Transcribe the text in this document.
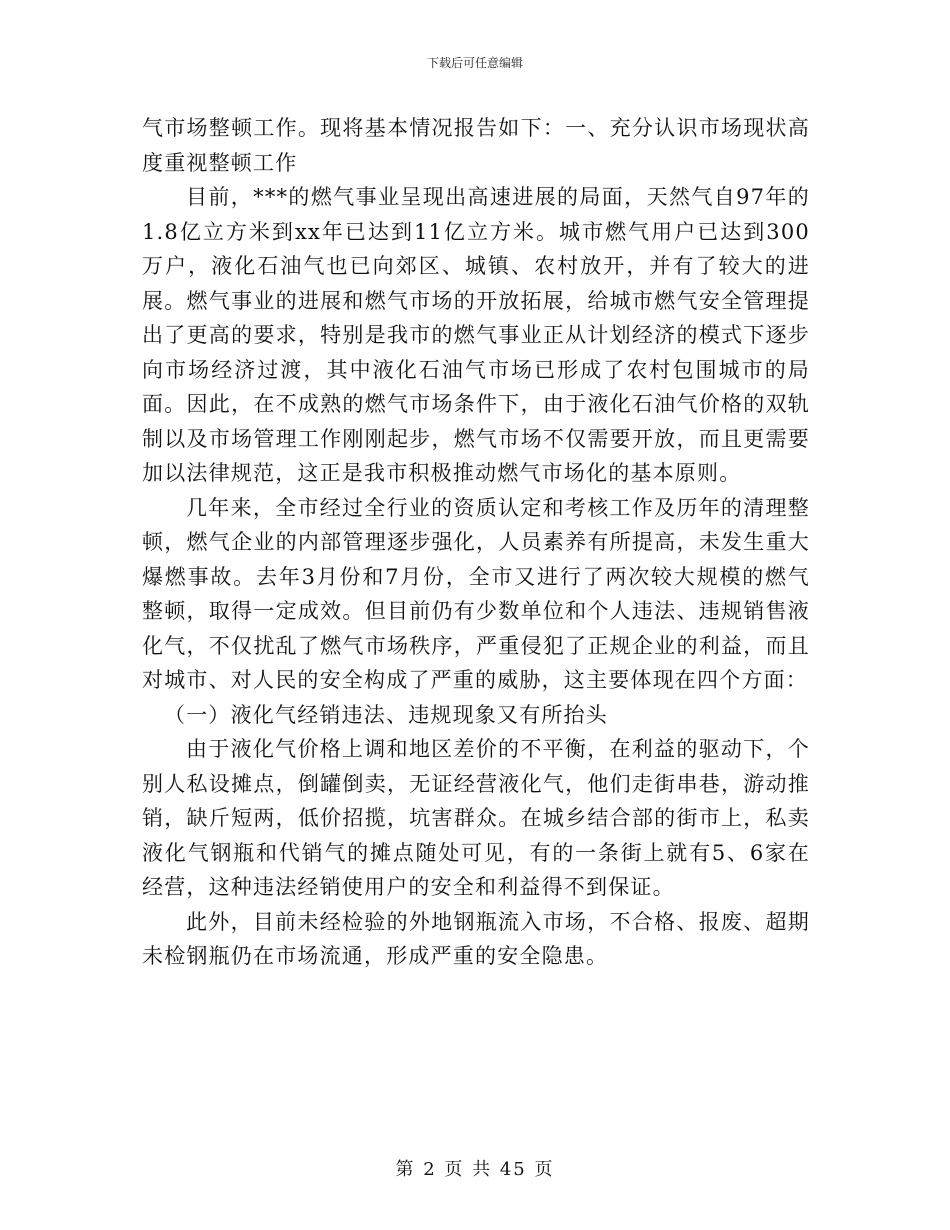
下载后可任意编辑

气市场整顿工作。现将基本情况报告如下：一、充分认识市场现状高度重视整顿工作

目前，***的燃气事业呈现出高速进展的局面，天然气自97年的1.8亿立方米到xx年已达到11亿立方米。城市燃气用户已达到300万户，液化石油气也已向郊区、城镇、农村放开，并有了较大的进展。燃气事业的进展和燃气市场的开放拓展，给城市燃气安全管理提出了更高的要求，特别是我市的燃气事业正从计划经济的模式下逐步向市场经济过渡，其中液化石油气市场已形成了农村包围城市的局面。因此，在不成熟的燃气市场条件下，由于液化石油气价格的双轨制以及市场管理工作刚刚起步，燃气市场不仅需要开放，而且更需要加以法律规范，这正是我市积极推动燃气市场化的基本原则。

几年来，全市经过全行业的资质认定和考核工作及历年的清理整顿，燃气企业的内部管理逐步强化，人员素养有所提高，未发生重大爆燃事故。去年3月份和7月份，全市又进行了两次较大规模的燃气整顿，取得一定成效。但目前仍有少数单位和个人违法、违规销售液化气，不仅扰乱了燃气市场秩序，严重侵犯了正规企业的利益，而且对城市、对人民的安全构成了严重的威胁，这主要体现在四个方面：

（一）液化气经销违法、违规现象又有所抬头

由于液化气价格上调和地区差价的不平衡，在利益的驱动下，个别人私设摊点，倒罐倒卖，无证经营液化气，他们走街串巷，游动推销，缺斤短两，低价招揽，坑害群众。在城乡结合部的街市上，私卖液化气钢瓶和代销气的摊点随处可见，有的一条街上就有5、6家在经营，这种违法经销使用户的安全和利益得不到保证。

此外，目前未经检验的外地钢瓶流入市场，不合格、报废、超期未检钢瓶仍在市场流通，形成严重的安全隐患。

第 2 页 共 45 页
